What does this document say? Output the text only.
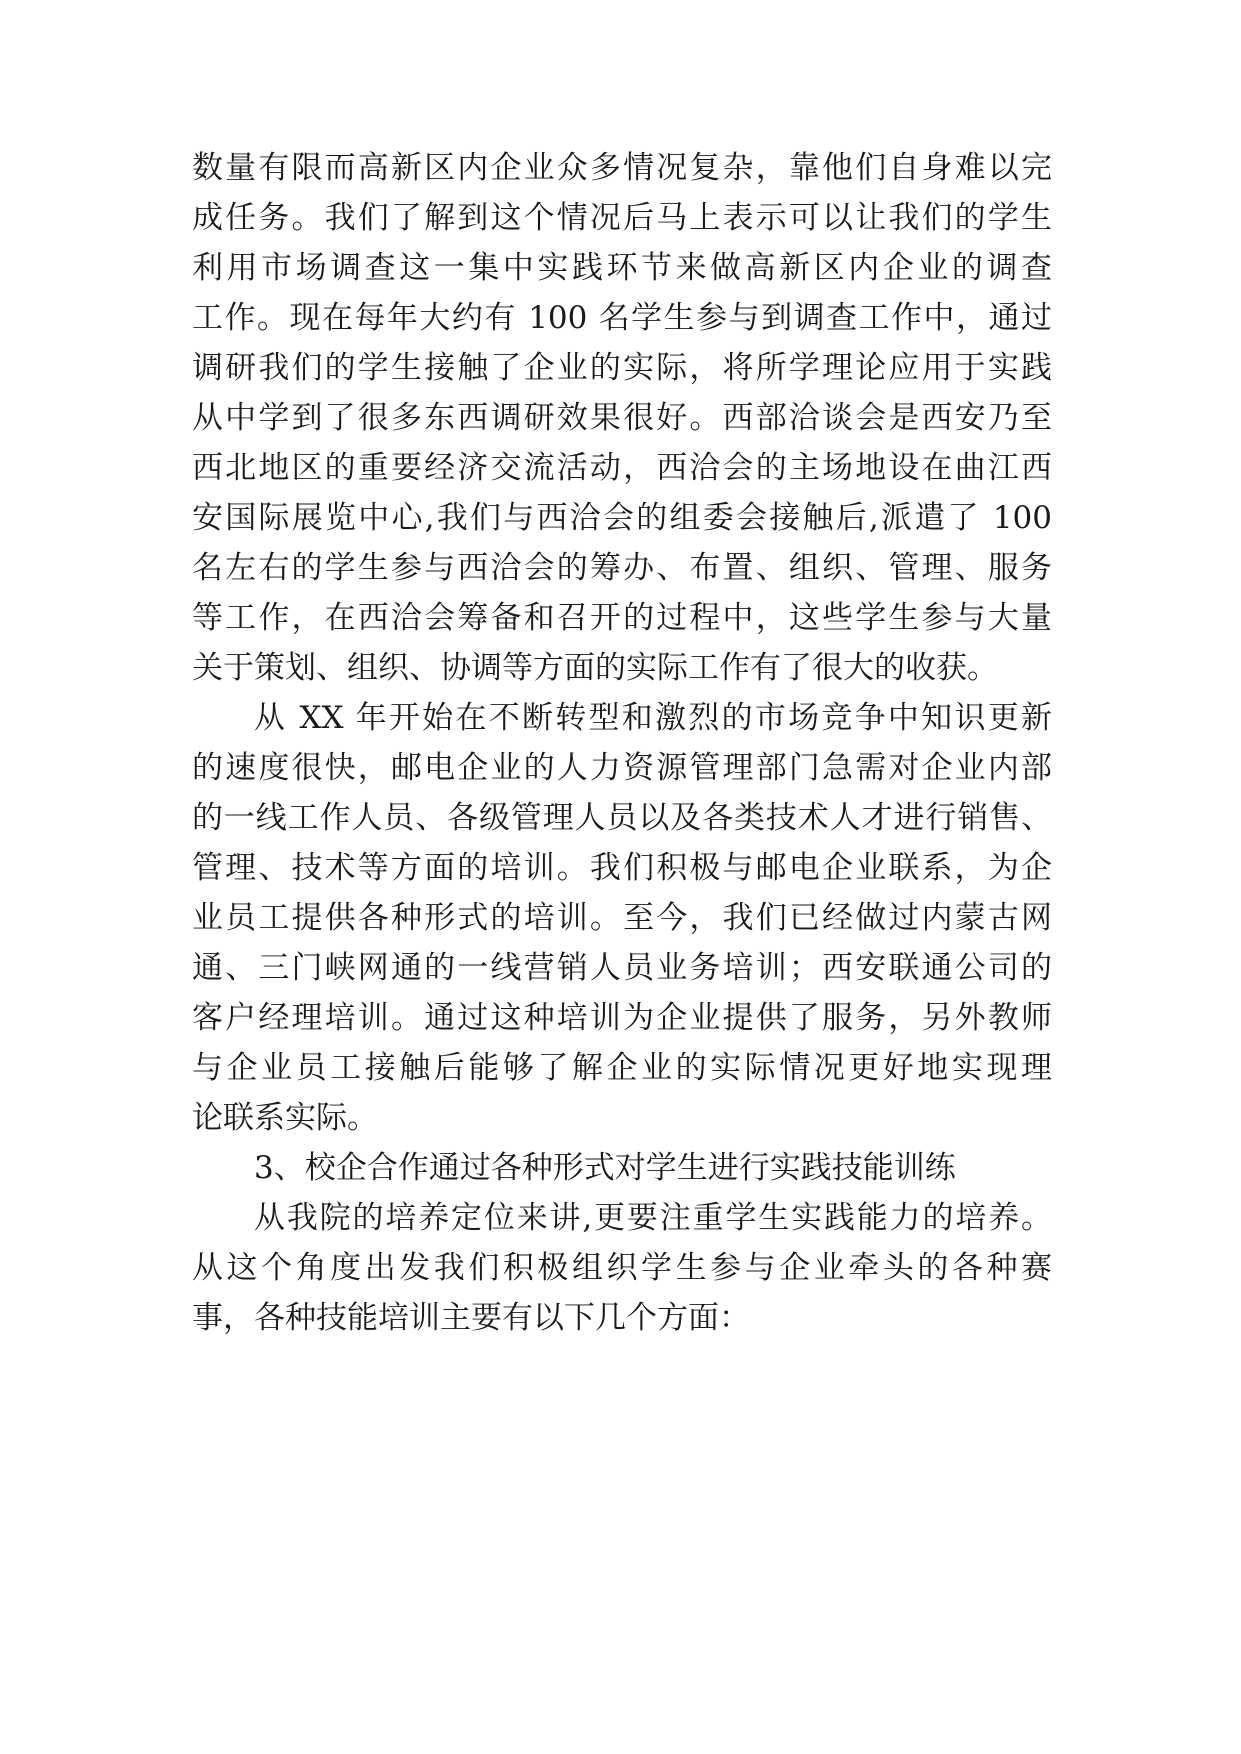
数量有限而高新区内企业众多情况复杂，靠他们自身难以完
成任务。我们了解到这个情况后马上表示可以让我们的学生
利用市场调查这一集中实践环节来做高新区内企业的调查
工作。现在每年大约有 100 名学生参与到调查工作中，通过
调研我们的学生接触了企业的实际，将所学理论应用于实践
从中学到了很多东西调研效果很好。西部洽谈会是西安乃至
西北地区的重要经济交流活动，西洽会的主场地设在曲江西
安国际展览中心,我们与西洽会的组委会接触后,派遣了 100
名左右的学生参与西洽会的筹办、布置、组织、管理、服务
等工作，在西洽会筹备和召开的过程中，这些学生参与大量
关于策划、组织、协调等方面的实际工作有了很大的收获。
从 XX 年开始在不断转型和激烈的市场竞争中知识更新
的速度很快，邮电企业的人力资源管理部门急需对企业内部
的一线工作人员、各级管理人员以及各类技术人才进行销售、
管理、技术等方面的培训。我们积极与邮电企业联系，为企
业员工提供各种形式的培训。至今，我们已经做过内蒙古网
通、三门峡网通的一线营销人员业务培训；西安联通公司的
客户经理培训。通过这种培训为企业提供了服务，另外教师
与企业员工接触后能够了解企业的实际情况更好地实现理
论联系实际。
3、校企合作通过各种形式对学生进行实践技能训练
从我院的培养定位来讲,更要注重学生实践能力的培养。
从这个角度出发我们积极组织学生参与企业牵头的各种赛
事，各种技能培训主要有以下几个方面：
